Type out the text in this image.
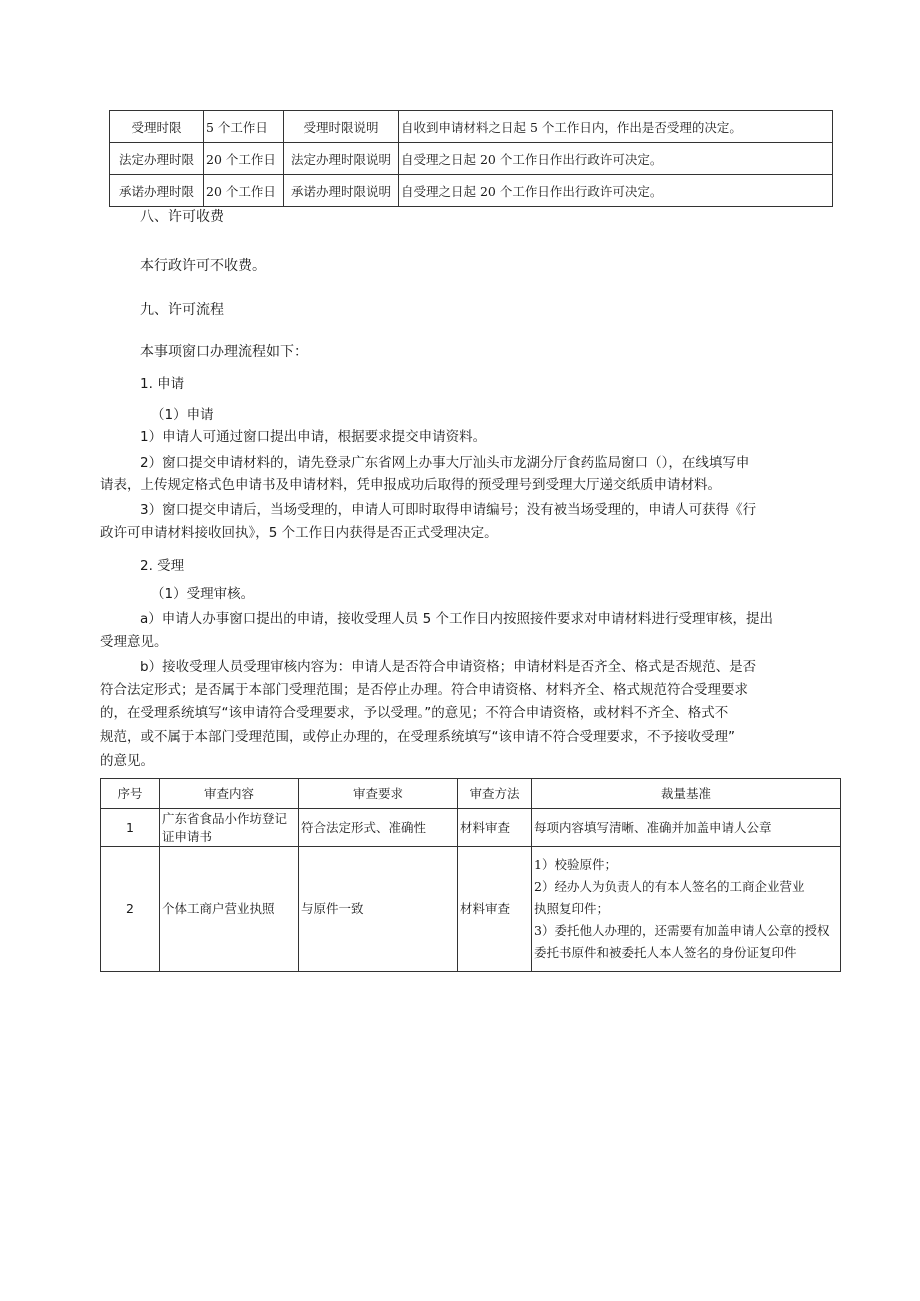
受理时限	5 个工作日	受理时限说明	自收到申请材料之日起 5 个工作日内，作出是否受理的决定。
法定办理时限	20 个工作日	法定办理时限说明	自受理之日起 20 个工作日作出行政许可决定。
承诺办理时限	20 个工作日	承诺办理时限说明	自受理之日起 20 个工作日作出行政许可决定。
八、许可收费
本行政许可不收费。
九、许可流程
本事项窗口办理流程如下：
1. 申请
（1）申请
1）申请人可通过窗口提出申请，根据要求提交申请资料。
2）窗口提交申请材料的，请先登录广东省网上办事大厅汕头市龙湖分厅食药监局窗口（），在线填写申
请表，上传规定格式色申请书及申请材料，凭申报成功后取得的预受理号到受理大厅递交纸质申请材料。
3）窗口提交申请后，当场受理的，申请人可即时取得申请编号；没有被当场受理的，申请人可获得《行
政许可申请材料接收回执》，5 个工作日内获得是否正式受理决定。
2. 受理
（1）受理审核。
a）申请人办事窗口提出的申请，接收受理人员 5 个工作日内按照接件要求对申请材料进行受理审核，提出
受理意见。
b）接收受理人员受理审核内容为：申请人是否符合申请资格；申请材料是否齐全、格式是否规范、是否
符合法定形式；是否属于本部门受理范围；是否停止办理。符合申请资格、材料齐全、格式规范符合受理要求
的，在受理系统填写“该申请符合受理要求，予以受理。”的意见；不符合申请资格，或材料不齐全、格式不
规范，或不属于本部门受理范围，或停止办理的，在受理系统填写“该申请不符合受理要求，不予接收受理”
的意见。
序号	审查内容	审查要求	审查方法	裁量基准
1	广东省食品小作坊登记
证申请书	符合法定形式、准确性	材料审查	每项内容填写清晰、准确并加盖申请人公章
2	个体工商户营业执照	与原件一致	材料审查	1）校验原件；
2）经办人为负责人的有本人签名的工商企业营业
执照复印件；
3）委托他人办理的，还需要有加盖申请人公章的授权
委托书原件和被委托人本人签名的身份证复印件
